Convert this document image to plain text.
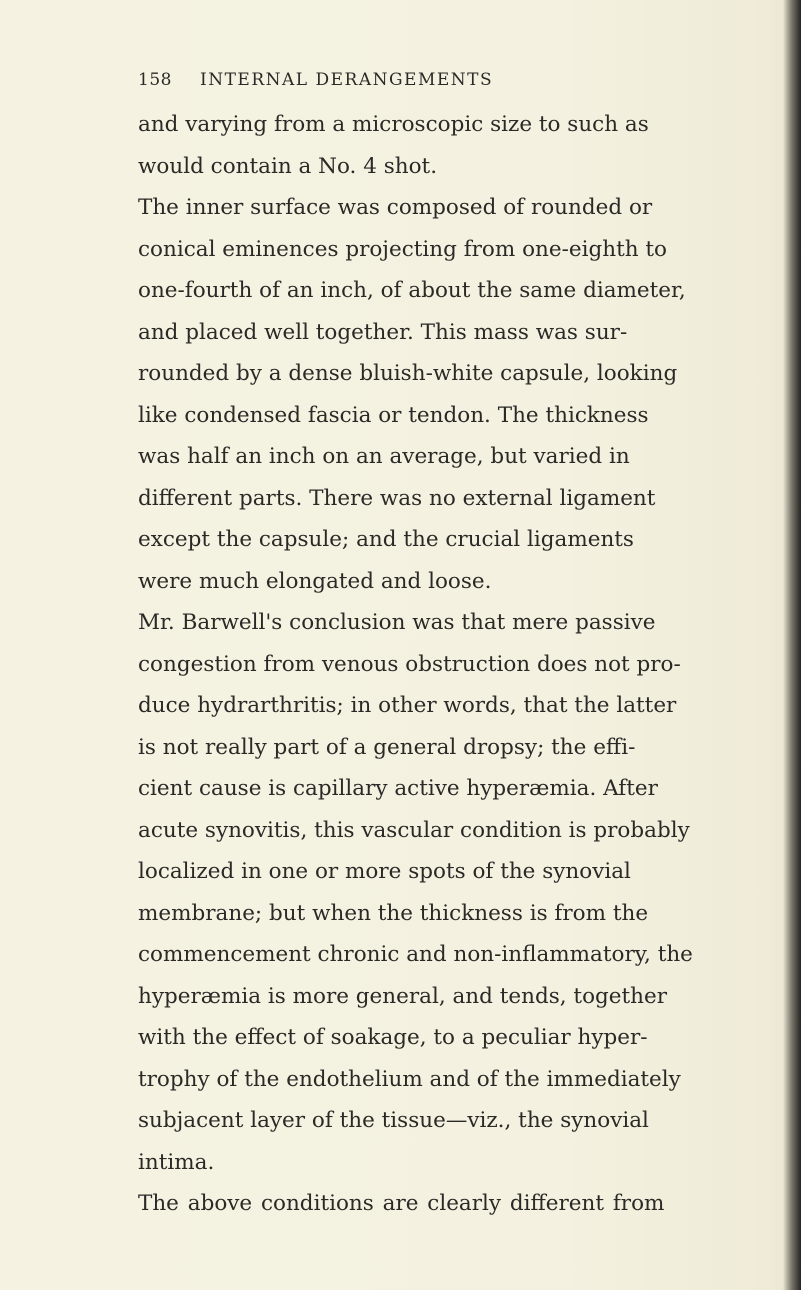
158 INTERNAL DERANGEMENTS
and varying from a microscopic size to such as
would contain a No. 4 shot.
The inner surface was composed of rounded or
conical eminences projecting from one-eighth to
one-fourth of an inch, of about the same diameter,
and placed well together. This mass was sur-
rounded by a dense bluish-white capsule, looking
like condensed fascia or tendon. The thickness
was half an inch on an average, but varied in
different parts. There was no external ligament
except the capsule; and the crucial ligaments
were much elongated and loose.
Mr. Barwell's conclusion was that mere passive
congestion from venous obstruction does not pro-
duce hydrarthritis; in other words, that the latter
is not really part of a general dropsy; the effi-
cient cause is capillary active hyperæmia. After
acute synovitis, this vascular condition is probably
localized in one or more spots of the synovial
membrane; but when the thickness is from the
commencement chronic and non-inflammatory, the
hyperæmia is more general, and tends, together
with the effect of soakage, to a peculiar hyper-
trophy of the endothelium and of the immediately
subjacent layer of the tissue—viz., the synovial
intima.
The above conditions are clearly different from
